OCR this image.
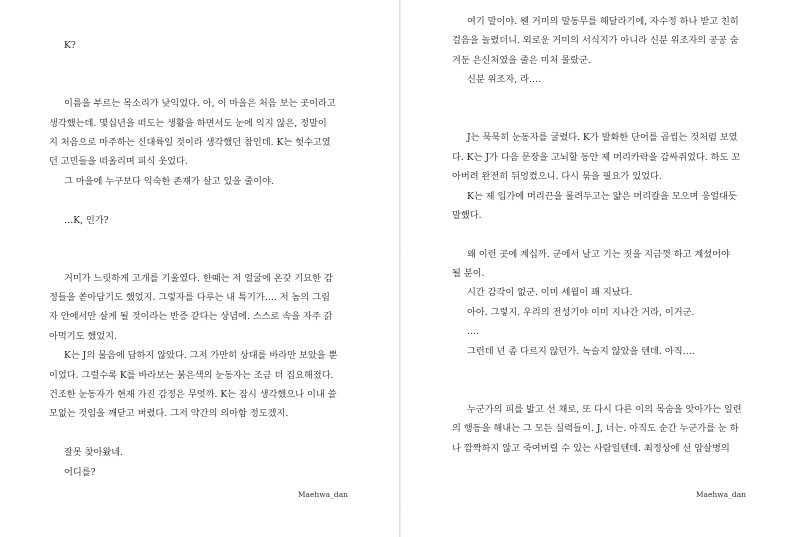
K?
이름을 부르는 목소리가 낮익었다. 아, 이 마을은 처음 보는 곳이라고
생각했는데. 몇십년을 떠도는 생활을 하면서도 눈에 익지 않은, 정말이
지 처음으로 마주하는 신대륙일 것이라 생각했던 참인데. K는 헛수고였
던 고민들을 떠올리며 피식 웃었다.
그 마을에 누구보다 익숙한 존재가 살고 있을 줄이야.
…K, 인가?
거미가 느릿하게 고개를 기울였다. 한때는 저 얼굴에 온갖 기묘한 감
정들을 쏟아담기도 했었지. 그렇자를 다루는 내 특기가…. 저 놈의 그림
자 안에서만 살게 될 것이라는 반증 같다는 상념에. 스스로 속을 자주 갉
아먹기도 했었지.
K는 J의 물음에 답하지 않았다. 그저 가만히 상대를 바라만 보았을 뿐
이었다. 그럴수록 K를 바라보는 붉은색의 눈동자는 조금 더 집요해졌다.
건조한 눈동자가 현재 가진 감정은 무엇까. K는 잠시 생각했으나 이내 쓸
모없는 것임을 깨닫고 버렸다. 그저 약간의 의아함 정도겠지.
잘못 찾아왔네.
어디를?
Maehwa_dan
여기 말이야. 웬 거미의 말동무를 해달라기에, 자수정 하나 받고 친히
걸음을 놀렸더니. 외로운 거미의 서식지가 아니라 신분 위조자의 공공 숨
겨둔 은신처였을 줄은 미처 몰랐군.
신분 위조자, 라….
J는 묵묵히 눈동자를 굴렸다. K가 발화한 단어를 곱씹는 것처럼 보였
다. K는 J가 다음 문장을 고뇌할 동안 제 머리카락을 감싸쥐었다. 하도 꼬
아버려 완전히 뒤엉켰으니. 다시 묶을 필요가 있었다.
K는 제 입가에 머리끈을 물려두고는 얇은 머리칼을 모으며 웅얼대듯
말했다.
왜 이런 곳에 계십까. 군에서 날고 기는 짓을 지금껏 하고 계셨어야
될 분이.
시간 감각이 없군. 이미 세월이 꽤 지났다.
아아. 그렇지. 우리의 전성기야 이미 지나간 거라, 이거군.
….
그런데 넌 좀 다르지 않던가. 녹슬지 않았을 텐데. 아직….
누군가의 피를 밟고 선 채로, 또 다시 다른 이의 목숨을 앗아가는 일련
의 행동을 해내는 그 모든 실력들이. J, 너는. 아직도 순간 누군가를 눈 하
나 깜짝하지 않고 죽여버릴 수 있는 사람일텐데. 최정상에 선 암살병의
Maehwa_dan
